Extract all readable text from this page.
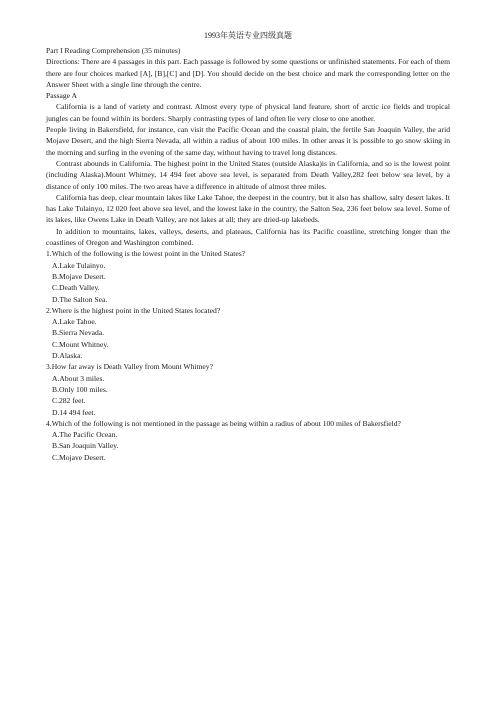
1993年英语专业四级真题
Part I Reading Comprehension (35 minutes)
Directions: There are 4 passages in this part. Each passage is followed by some questions or unfinished statements. For each of them there are four choices marked [A], [B],[C] and [D]. You should decide on the best choice and mark the corresponding letter on the Answer Sheet with a single line through the centre.
Passage A
California is a land of variety and contrast. Almost every type of physical land feature, short of arctic ice fields and tropical jungles can be found within its borders. Sharply contrasting types of land often lie very close to one another.
People living in Bakersfield, for instance, can visit the Pacific Ocean and the coastal plain, the fertile San Joaquin Valley, the arid Mojave Desert, and the high Sierra Nevada, all within a radius of about 100 miles. In other areas it is possible to go snow skiing in the morning and surfing in the evening of the same day, without having to travel long distances.
Contrast abounds in California. The highest point in the United States (outside Alaska)is in California, and so is the lowest point (including Alaska).Mount Whitney, 14 494 feet above sea level, is separated from Death Valley,282 feet below sea level, by a distance of only 100 miles. The two areas have a difference in altitude of almost three miles.
California has deep, clear mountain lakes like Lake Tahoe, the deepest in the country, but it also has shallow, salty desert lakes. It has Lake Tulainyo, 12 020 feet above sea level, and the lowest lake in the country, the Salton Sea, 236 feet below sea level. Some of its lakes, like Owens Lake in Death Valley, are not lakes at all; they are dried-up lakebeds.
In addition to mountains, lakes, valleys, deserts, and plateaus, California has its Pacific coastline, stretching longer than the coastlines of Oregon and Washington combined.
1.Which of the following is the lowest point in the United States?
A.Lake Tulainyo.
B.Mojave Desert.
C.Death Valley.
D.The Salton Sea.
2.Where is the highest point in the United States located?
A.Lake Tahoe.
B.Sierra Nevada.
C.Mount Whitney.
D.Alaska.
3.How far away is Death Valley from Mount Whitney?
A.About 3 miles.
B.Only 100 miles.
C.282 feet.
D.14 494 feet.
4.Which of the following is not mentioned in the passage as being within a radius of about 100 miles of Bakersfield?
A.The Pacific Ocean.
B.San Joaquin Valley.
C.Mojave Desert.
